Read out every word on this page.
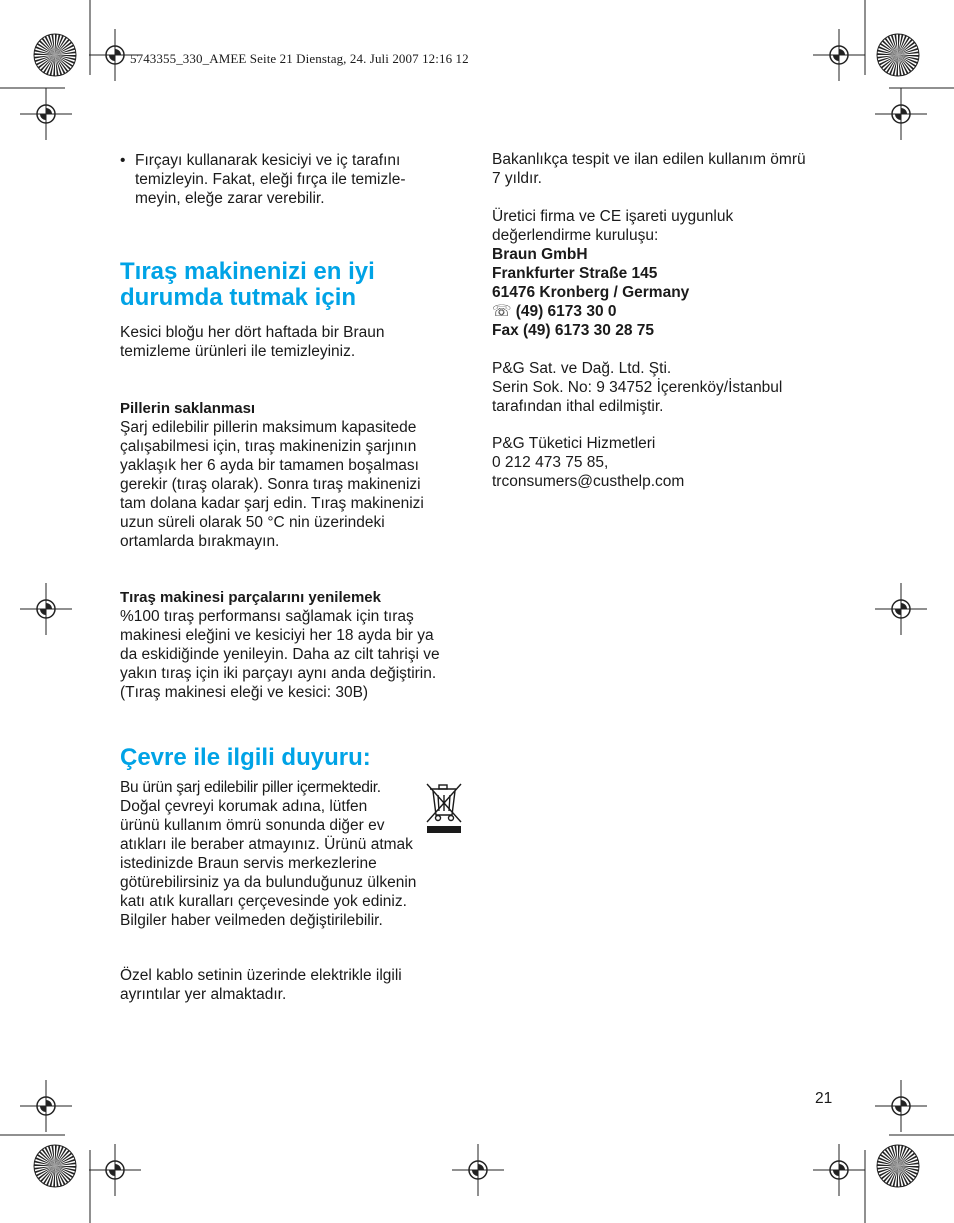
5743355_330_AMEE Seite 21 Dienstag, 24. Juli 2007 12:16 12
• Fırçayı kullanarak kesiciyi ve iç tarafını
temizleyin. Fakat, eleği fırça ile temizle-
meyin, eleğe zarar verebilir.
Tıraş makinenizi en iyi
durumda tutmak için
Kesici bloğu her dört haftada bir Braun
temizleme ürünleri ile temizleyiniz.
Pillerin saklanması
Şarj edilebilir pillerin maksimum kapasitede
çalışabilmesi için, tıraş makinenizin şarjının
yaklaşık her 6 ayda bir tamamen boşalması
gerekir (tıraş olarak). Sonra tıraş makinenizi
tam dolana kadar şarj edin. Tıraş makinenizi
uzun süreli olarak 50 °C nin üzerindeki
ortamlarda bırakmayın.
Tıraş makinesi parçalarını yenilemek
%100 tıraş performansı sağlamak için tıraş
makinesi eleğini ve kesiciyi her 18 ayda bir ya
da eskidiğinde yenileyin. Daha az cilt tahrişi ve
yakın tıraş için iki parçayı aynı anda değiştirin.
(Tıraş makinesi eleği ve kesici: 30B)
Çevre ile ilgili duyuru:
Bu ürün şarj edilebilir piller içermektedir.
Doğal çevreyi korumak adına, lütfen
ürünü kullanım ömrü sonunda diğer ev
atıkları ile beraber atmayınız. Ürünü atmak
istedinizde Braun servis merkezlerine
götürebilirsiniz ya da bulunduğunuz ülkenin
katı atık kuralları çerçevesinde yok ediniz.
Bilgiler haber veilmeden değiştirilebilir.
Özel kablo setinin üzerinde elektrikle ilgili
ayrıntılar yer almaktadır.
Bakanlıkça tespit ve ilan edilen kullanım ömrü
7 yıldır.
Üretici firma ve CE işareti uygunluk
değerlendirme kuruluşu:
Braun GmbH
Frankfurter Straße 145
61476 Kronberg / Germany
☏ (49) 6173 30 0
Fax (49) 6173 30 28 75
P&G Sat. ve Dağ. Ltd. Şti.
Serin Sok. No: 9 34752 İçerenköy/İstanbul
tarafından ithal edilmiştir.
P&G Tüketici Hizmetleri
0 212 473 75 85,
trconsumers@custhelp.com
21
